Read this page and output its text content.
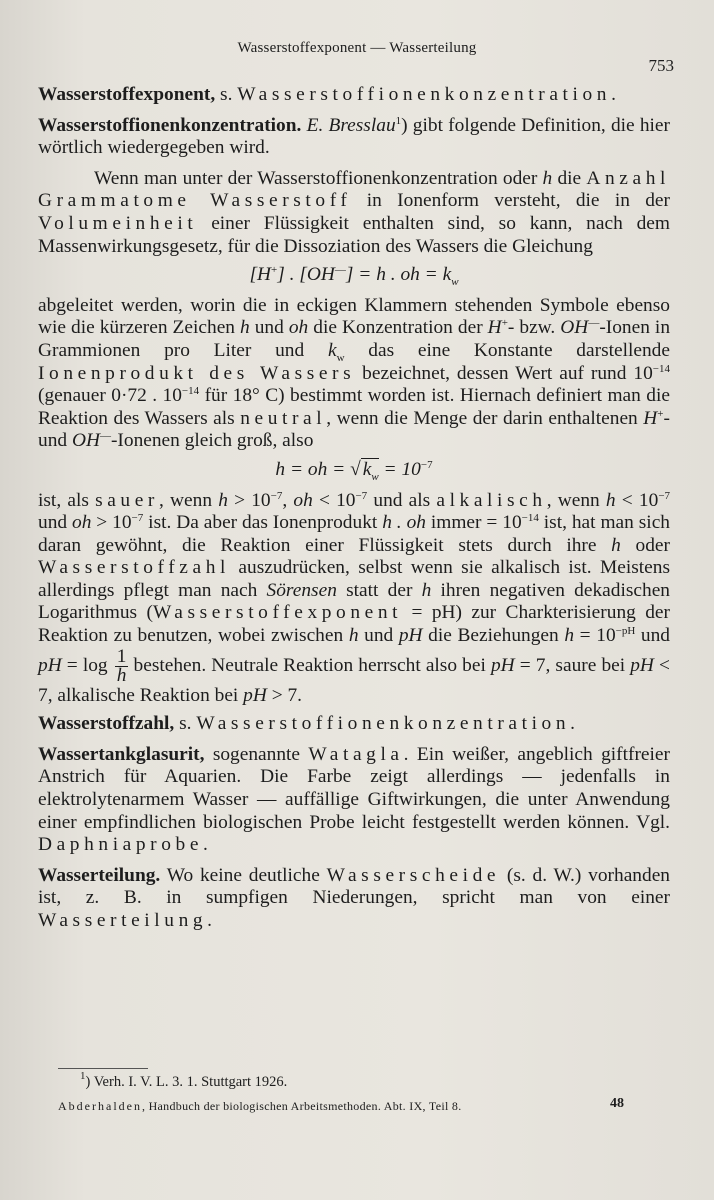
Wasserstoffexponent — Wasserteilung
753

Wasserstoffexponent, s. Wasserstoffionenkonzentration.

Wasserstoffionenkonzentration. E. Bresslau$^1$) gibt folgende Definition, die hier wörtlich wiedergegeben wird.

Wenn man unter der Wasserstoffionenkonzentration oder h die Anzahl Grammatome Wasserstoff in Ionenform versteht, die in der Volumeinheit einer Flüssigkeit enthalten sind, so kann, nach dem Massenwirkungsgesetz, für die Dissoziation des Wassers die Gleichung

[H+] . [OH—] = h . oh = $k_w$

abgeleitet werden, worin die in eckigen Klammern stehenden Symbole ebenso wie die kürzeren Zeichen h und oh die Konzentration der H+- bzw. OH—-Ionen in Grammionen pro Liter und $k_w$ das eine Konstante darstellende Ionenprodukt des Wassers bezeichnet, dessen Wert auf rund $10^{-14}$ (genauer 0·72 . $10^{-14}$ für 18° C) bestimmt worden ist. Hiernach definiert man die Reaktion des Wassers als neutral, wenn die Menge der darin enthaltenen H+- und OH—-Ionenen gleich groß, also

h = oh = √ $k_w = 10^{-7}$

ist, als sauer, wenn $h > 10^{-7}$, oh < $10^{-7}$ und als alkalisch, wenn $h < 10^{-7}$ und oh > $10^{-7}$ ist. Da aber das Ionenprodukt h . oh immer = $10^{-14}$ ist, hat man sich daran gewöhnt, die Reaktion einer Flüssigkeit stets durch ihre h oder Wasserstoffzahl auszudrücken, selbst wenn sie alkalisch ist. Meistens allerdings pflegt man nach Sörensen statt der h ihren negativen dekadischen Logarithmus (Wasserstoffexponent = pH) zur Charkterisierung der Reaktion zu benutzen, wobei zwischen h und pH die Beziehungen $h = 10^{-pH}$ und pH = $\log \frac{1}{h}$ bestehen. Neutrale Reaktion herrscht also bei pH = 7, saure bei pH < 7, alkalische Reaktion bei pH > 7.

Wasserstoffzahl, s. Wasserstoffionenkonzentration.

Wassertankglasurit, sogenannte Watagla. Ein weißer, angeblich giftfreier Anstrich für Aquarien. Die Farbe zeigt allerdings — jedenfalls in elektrolytenarmem Wasser — auffällige Giftwirkungen, die unter Anwendung einer empfindlichen biologischen Probe leicht festgestellt werden können. Vgl. Daphniaprobe.

Wasserteilung. Wo keine deutliche Wasserscheide (s. d. W.) vorhanden ist, z. B. in sumpfigen Niederungen, spricht man von einer Wasserteilung.

$^1$) Verh. I. V. L. 3. 1. Stuttgart 1926.
Abderhalden, Handbuch der biologischen Arbeitsmethoden. Abt. IX, Teil 8.	48
